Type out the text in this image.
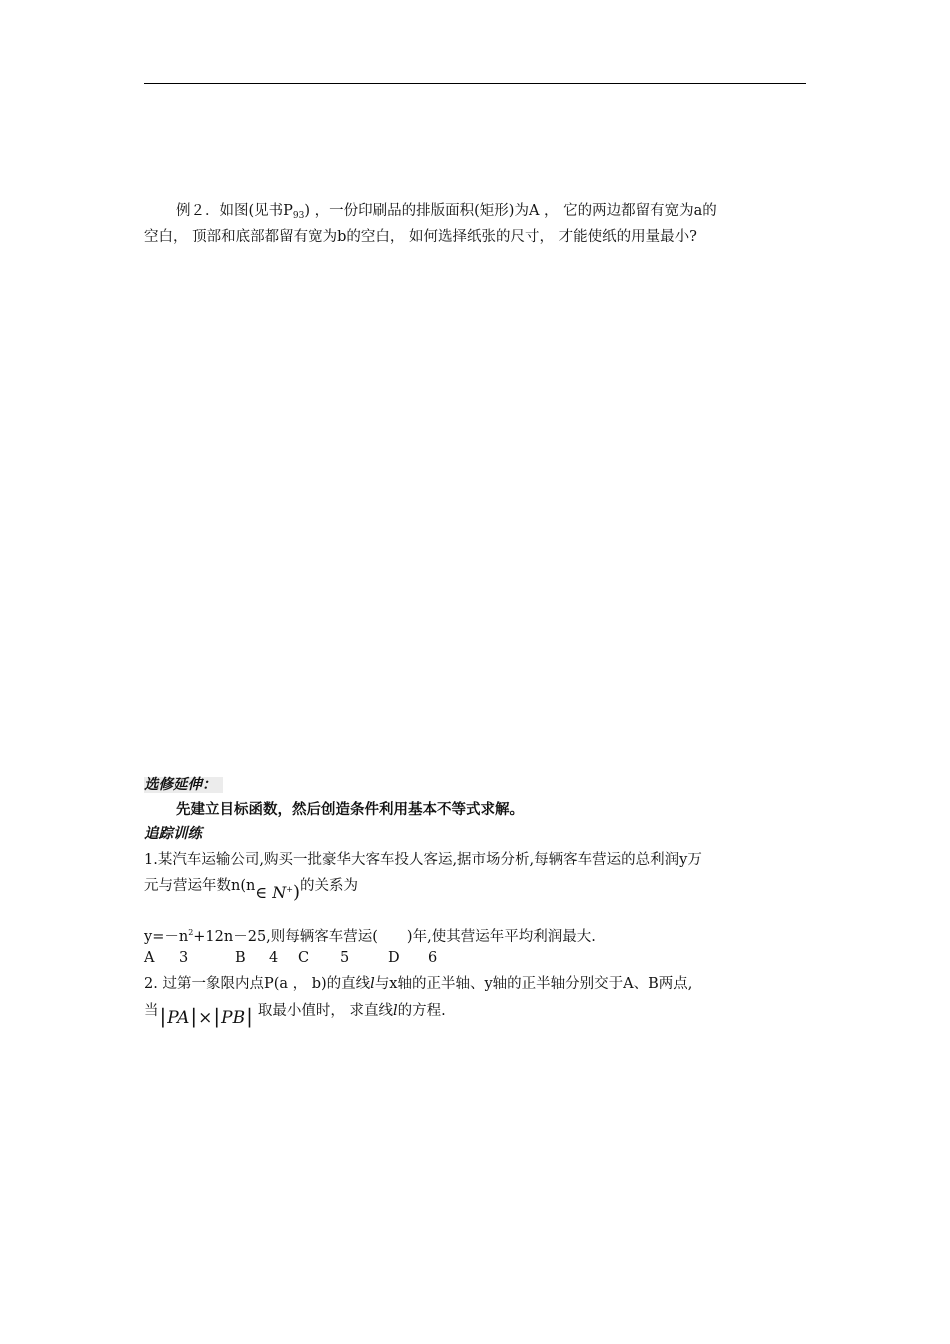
例２．如图(见书$P_{93}$) ，一份印刷品的排版面积(矩形)为A ， 它的两边都留有宽为a的
空白， 顶部和底部都留有宽为b的空白， 如何选择纸张的尺寸， 才能使纸的用量最小?
选修延伸：
先建立目标函数，然后创造条件利用基本不等式求解。
追踪训练
1.某汽车运输公司,购买一批豪华大客车投人客运,据市场分析,每辆客车营运的总利润y万
元与营运年数n(n∈ N+)的关系为
$y=-n^2+12n-25$,则每辆客车营运(　　)年,使其营运年平均利润最大.
A 3	B 4 C 5	D 6
2. 过第一象限内点P(a ， b)的直线l与x轴的正半轴、y轴的正半轴分别交于A、B两点,
当|PA|×|PB| 取最小值时， 求直线l的方程.
